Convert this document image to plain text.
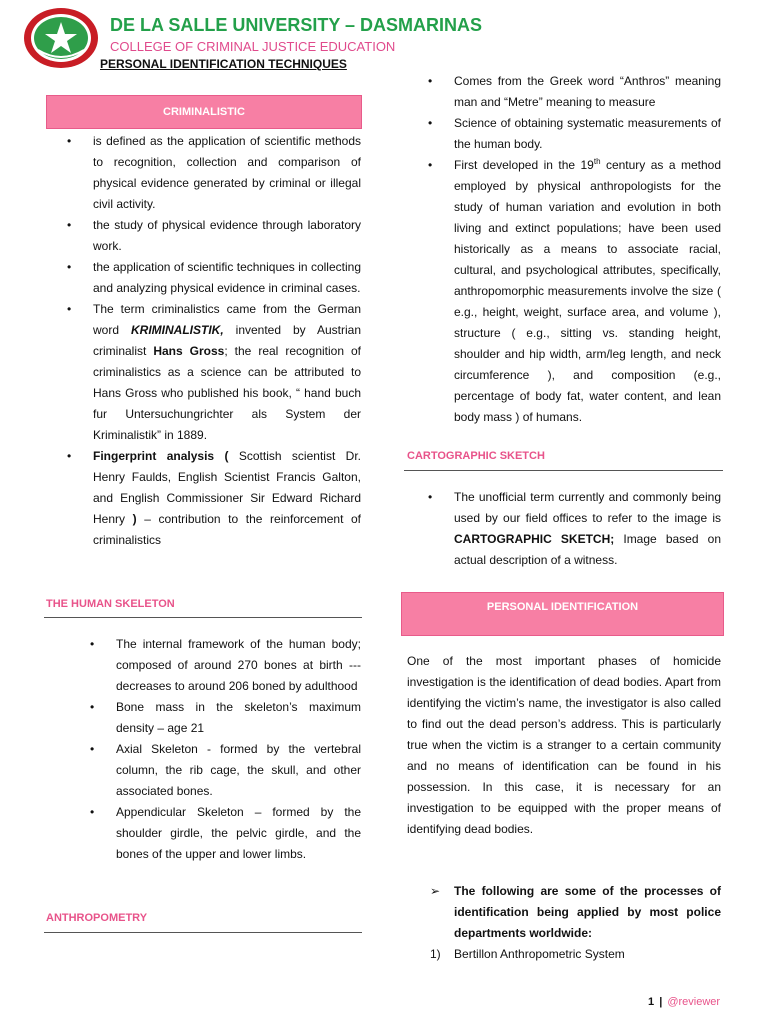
DE LA SALLE UNIVERSITY – DASMARINAS
COLLEGE OF CRIMINAL JUSTICE EDUCATION
PERSONAL IDENTIFICATION TECHNIQUES
CRIMINALISTIC
• is defined as the application of scientific methods to recognition, collection and comparison of physical evidence generated by criminal or illegal civil activity.
• the study of physical evidence through laboratory work.
• the application of scientific techniques in collecting and analyzing physical evidence in criminal cases.
• The term criminalistics came from the German word KRIMINALISTIK, invented by Austrian criminalist Hans Gross; the real recognition of criminalistics as a science can be attributed to Hans Gross who published his book, “ hand buch fur Untersuchungrichter als System der Kriminalistik” in 1889.
• Fingerprint analysis ( Scottish scientist Dr. Henry Faulds, English Scientist Francis Galton, and English Commissioner Sir Edward Richard Henry ) – contribution to the reinforcement of criminalistics
THE HUMAN SKELETON
• The internal framework of the human body; composed of around 270 bones at birth --- decreases to around 206 boned by adulthood
• Bone mass in the skeleton’s maximum density – age 21
• Axial Skeleton - formed by the vertebral column, the rib cage, the skull, and other associated bones.
• Appendicular Skeleton – formed by the shoulder girdle, the pelvic girdle, and the bones of the upper and lower limbs.
ANTHROPOMETRY
• Comes from the Greek word “Anthros” meaning man and “Metre” meaning to measure
• Science of obtaining systematic measurements of the human body.
• First developed in the 19th century as a method employed by physical anthropologists for the study of human variation and evolution in both living and extinct populations; have been used historically as a means to associate racial, cultural, and psychological attributes, specifically, anthropomorphic measurements involve the size ( e.g., height, weight, surface area, and volume ), structure ( e.g., sitting vs. standing height, shoulder and hip width, arm/leg length, and neck circumference ), and composition (e.g., percentage of body fat, water content, and lean body mass ) of humans.
CARTOGRAPHIC SKETCH
• The unofficial term currently and commonly being used by our field offices to refer to the image is CARTOGRAPHIC SKETCH; Image based on actual description of a witness.
PERSONAL IDENTIFICATION
One of the most important phases of homicide investigation is the identification of dead bodies. Apart from identifying the victim’s name, the investigator is also called to find out the dead person’s address. This is particularly true when the victim is a stranger to a certain community and no means of identification can be found in his possession. In this case, it is necessary for an investigation to be equipped with the proper means of identifying dead bodies.
➢ The following are some of the processes of identification being applied by most police departments worldwide:
1) Bertillon Anthropometric System
1 | @reviewer
